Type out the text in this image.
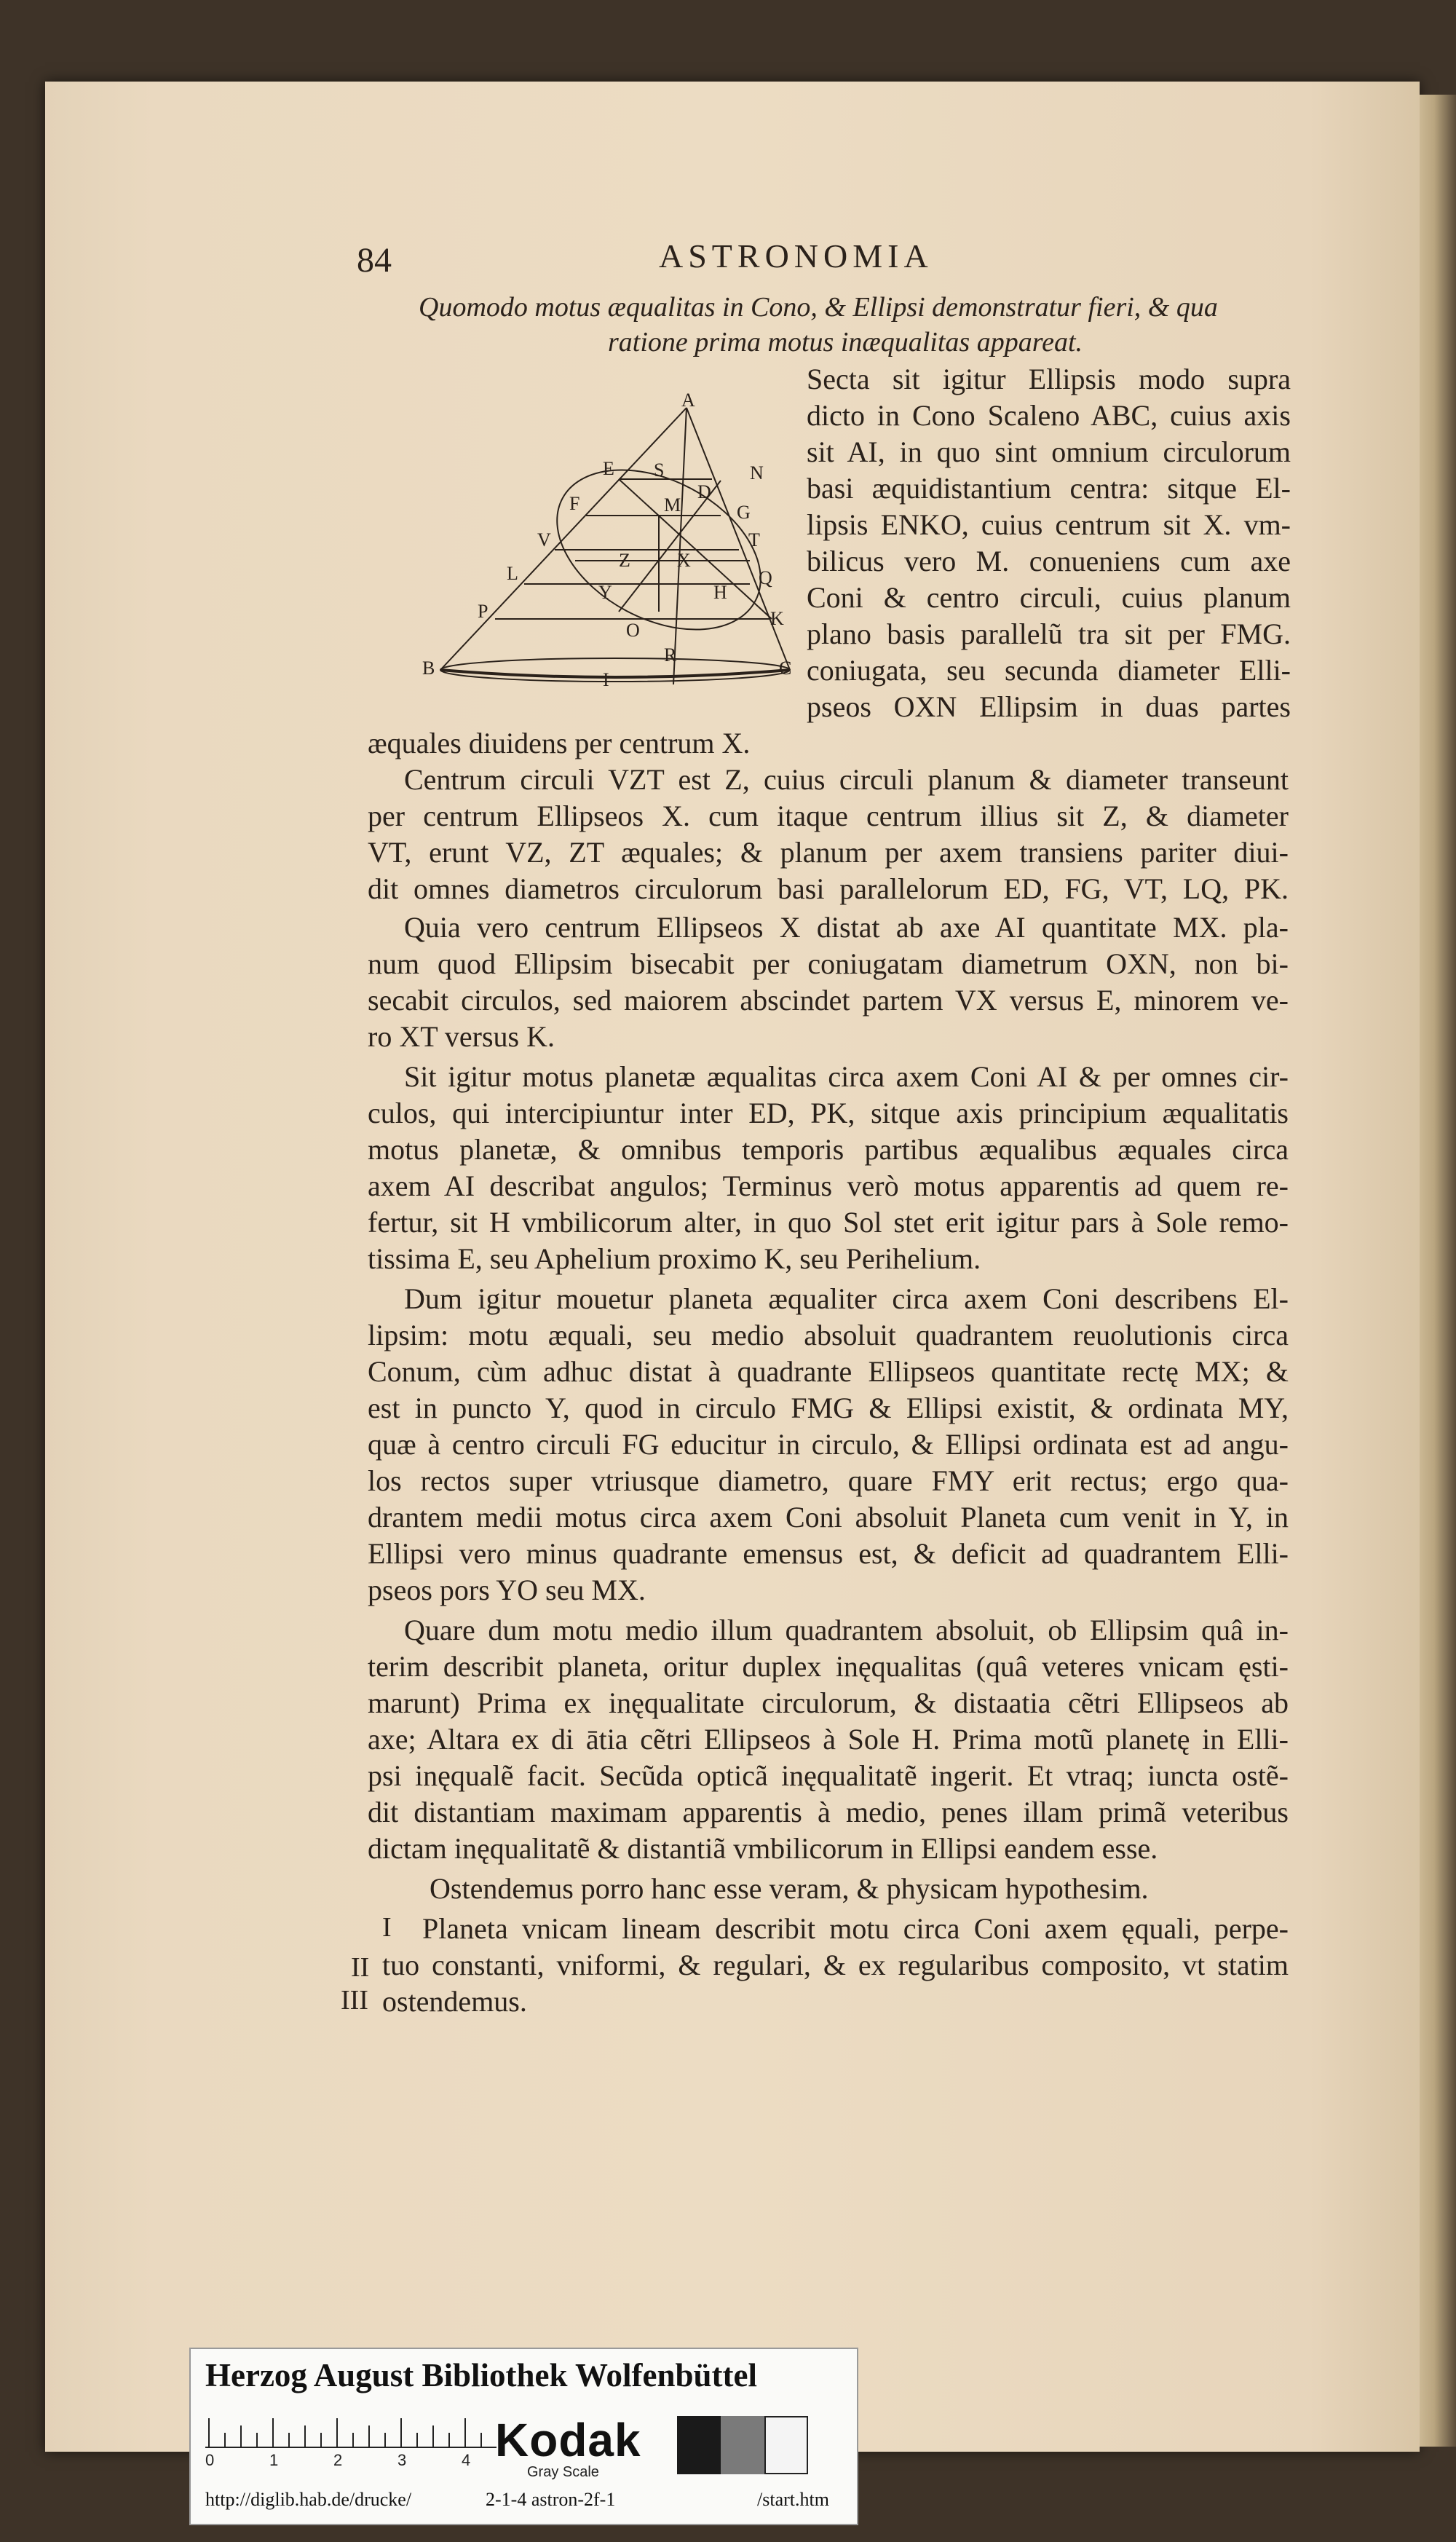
84	ASTRONOMIA
Quomodo motus æqualitas in Cono, & Ellipsi demonstratur fieri, & qua
ratione prima motus inæqualitas appareat.
A
N
E S
D
F	M	G
V	T
L
Z X
Q
Y	H
P
O
K
R
B	C
I
Secta sit igitur Ellipsis modo supra
dicto in Cono Scaleno ABC, cuius axis
sit AI, in quo sint omnium circulorum
basi æquidistantium centra: sitque El-
lipsis ENKO, cuius centrum sit X. vm-
bilicus vero M. conueniens cum axe
Coni & centro circuli, cuius planum
plano basis parallelũ tra sit per FMG.
coniugata, seu secunda diameter Elli-
pseos OXN Ellipsim in duas partes
æquales diuidens per centrum X.
Centrum circuli VZT est Z, cuius circuli planum & diameter transeunt
per centrum Ellipseos X. cum itaque centrum illius sit Z, & diameter
VT, erunt VZ, ZT æquales; & planum per axem transiens pariter diui-
dit omnes diametros circulorum basi parallelorum ED, FG, VT, LQ, PK.
Quia vero centrum Ellipseos X distat ab axe AI quantitate MX. pla-
num quod Ellipsim bisecabit per coniugatam diametrum OXN, non bi-
secabit circulos, sed maiorem abscindet partem VX versus E, minorem ve-
ro XT versus K.
Sit igitur motus planetæ æqualitas circa axem Coni AI & per omnes cir-
culos, qui intercipiuntur inter ED, PK, sitque axis principium æqualitatis
motus planetæ, & omnibus temporis partibus æqualibus æquales circa
axem AI describat angulos; Terminus verò motus apparentis ad quem re-
fertur, sit H vmbilicorum alter, in quo Sol stet erit igitur pars à Sole remo-
tissima E, seu Aphelium proximo K, seu Perihelium.
Dum igitur mouetur planeta æqualiter circa axem Coni describens El-
lipsim: motu æquali, seu medio absoluit quadrantem reuolutionis circa
Conum, cùm adhuc distat à quadrante Ellipseos quantitate rectę MX; &
est in puncto Y, quod in circulo FMG & Ellipsi existit, & ordinata MY,
quæ à centro circuli FG educitur in circulo, & Ellipsi ordinata est ad angu-
los rectos super vtriusque diametro, quare FMY erit rectus; ergo qua-
drantem medii motus circa axem Coni absoluit Planeta cum venit in Y, in
Ellipsi vero minus quadrante emensus est, & deficit ad quadrantem Elli-
pseos pors YO seu MX.
Quare dum motu medio illum quadrantem absoluit, ob Ellipsim quâ in-
terim describit planeta, oritur duplex inęqualitas (quâ veteres vnicam ęsti-
marunt) Prima ex inęqualitate circulorum, & distaatia cẽtri Ellipseos ab
axe; Altara ex di ātia cẽtri Ellipseos à Sole H. Prima motũ planetę in Elli-
psi inęqualẽ facit. Secũda opticã inęqualitatẽ ingerit. Et vtraq; iuncta ostẽ-
dit distantiam maximam apparentis à medio, penes illam primã veteribus
dictam inęqualitatẽ & distantiã vmbilicorum in Ellipsi eandem esse.
Ostendemus porro hanc esse veram, & physicam hypothesim.
Planeta vnicam lineam describit motu circa Coni axem ęquali, perpe-
tuo constanti, vniformi, & regulari, & ex regularibus composito, vt statim
ostendemus.
I
II
III
Herzog August Bibliothek Wolfenbüttel
0	1	2	3	4 Kodak
Gray Scale
http://diglib.hab.de/drucke/	2-1-4 astron-2f-1	/start.htm
